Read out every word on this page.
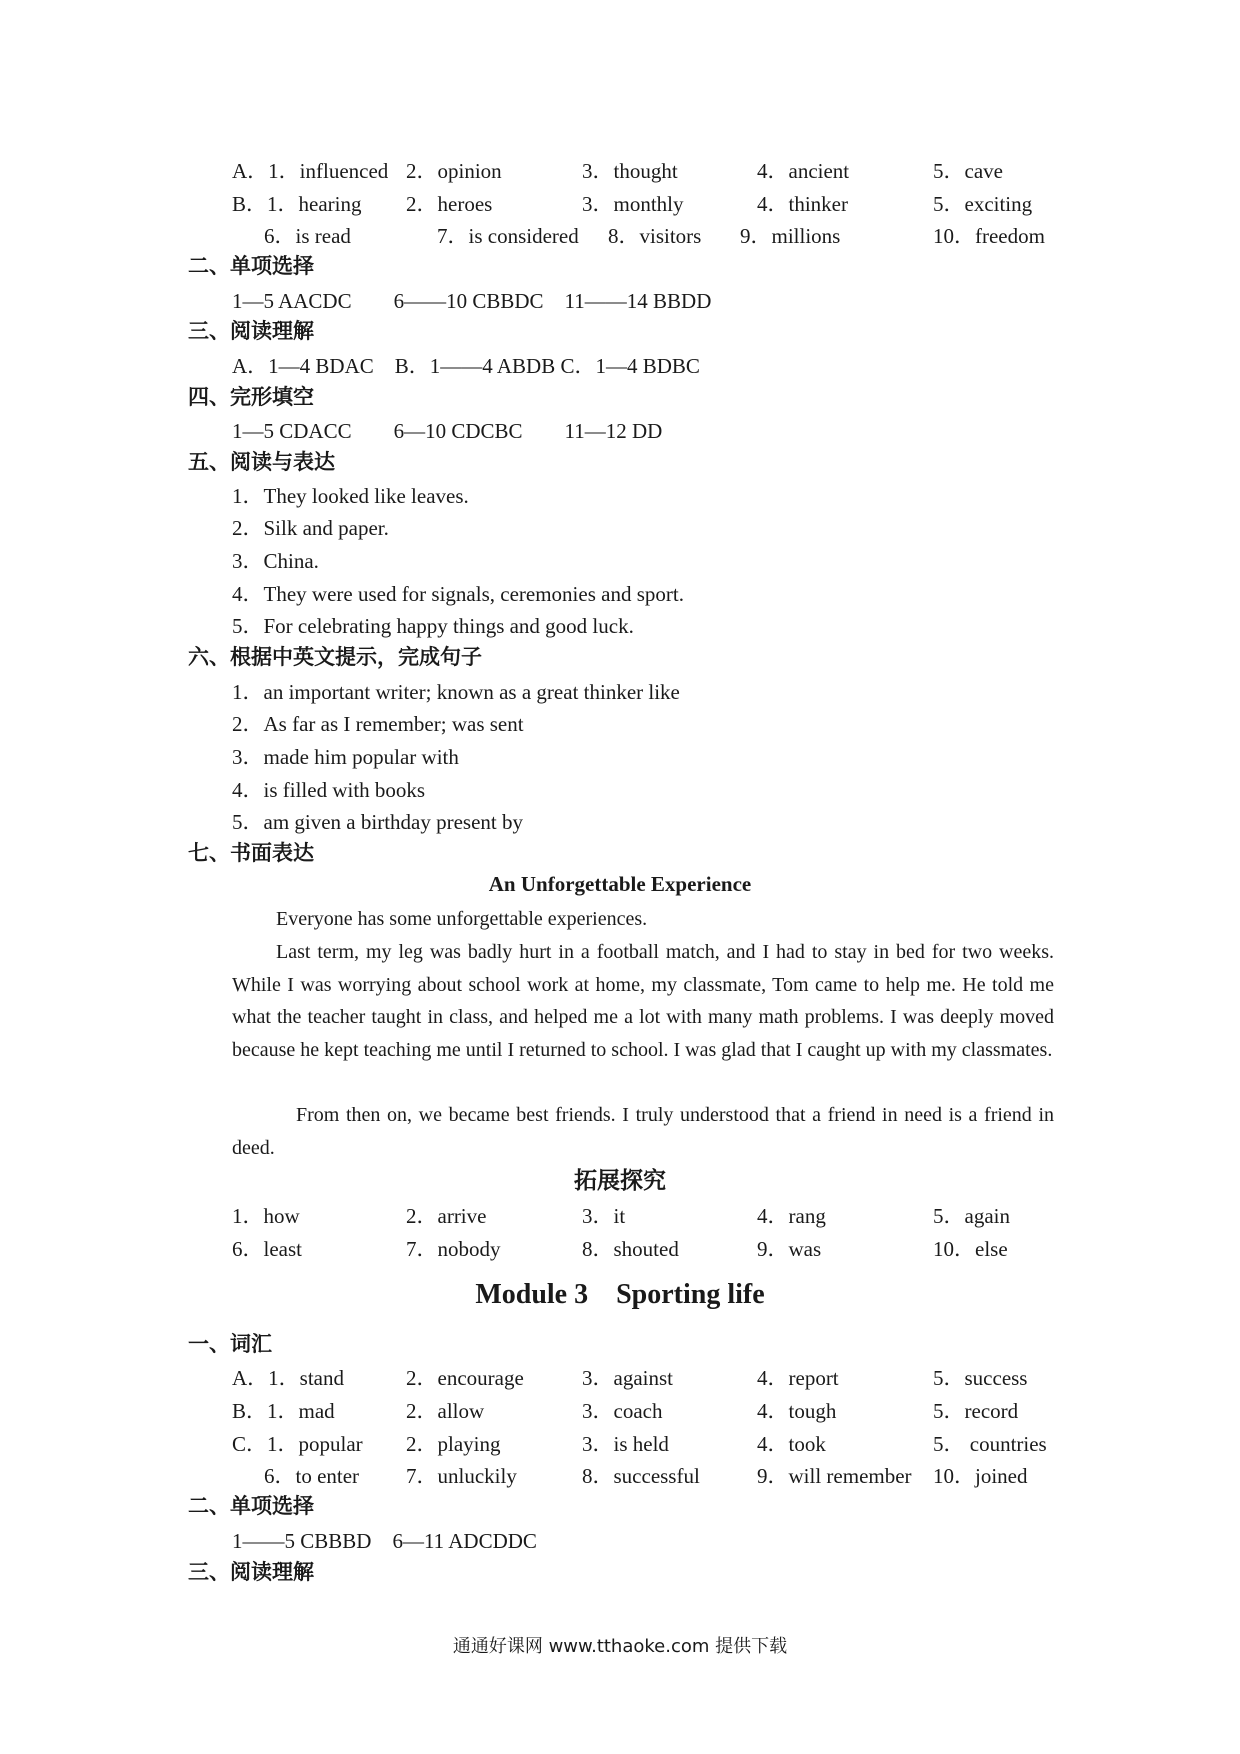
A．1．influenced 2．opinion	3．thought	4．ancient	5．cave
B．1．hearing 2．heroes	3．monthly	4．thinker	5．exciting
6．is read	7．is considered 8．visitors 9．millions	10．freedom
二、单项选择
1—5 AACDC　　6——10 CBBDC　11——14 BBDD
三、阅读理解
A．1—4 BDAC　B．1——4 ABDB C．1—4 BDBC
四、完形填空
1—5 CDACC　　6—10 CDCBC　　11—12 DD
五、阅读与表达
1．They looked like leaves.
2．Silk and paper.
3．China.
4．They were used for signals, ceremonies and sport.
5．For celebrating happy things and good luck.
六、根据中英文提示，完成句子
1．an important writer; known as a great thinker like
2．As far as I remember; was sent
3．made him popular with
4．is filled with books
5．am given a birthday present by
七、书面表达
An Unforgettable Experience
Everyone has some unforgettable experiences.
Last term, my leg was badly hurt in a football match, and I had to stay in bed for two weeks. While I was worrying about school work at home, my classmate, Tom came to help me. He told me what the teacher taught in class, and helped me a lot with many math problems. I was deeply moved because he kept teaching me until I returned to school. I was glad that I caught up with my classmates.
From then on, we became best friends. I truly understood that a friend in need is a friend in deed.
拓展探究
1．how	2．arrive	3．it	4．rang	5．again
6．least	7．nobody	8．shouted	9．was	10．else
Module 3　Sporting life
一、词汇
A．1．stand	2．encourage	3．against	4．report	5．success
B．1．mad	2．allow	3．coach	4．tough	5．record
C．1．popular 2．playing	3．is held	4．took	5． countries
6．to enter 7．unluckily	8．successful	9．will remember 10．joined
二、单项选择
1——5 CBBBD　6—11 ADCDDC
三、阅读理解
通通好课网 www.tthaoke.com 提供下载
